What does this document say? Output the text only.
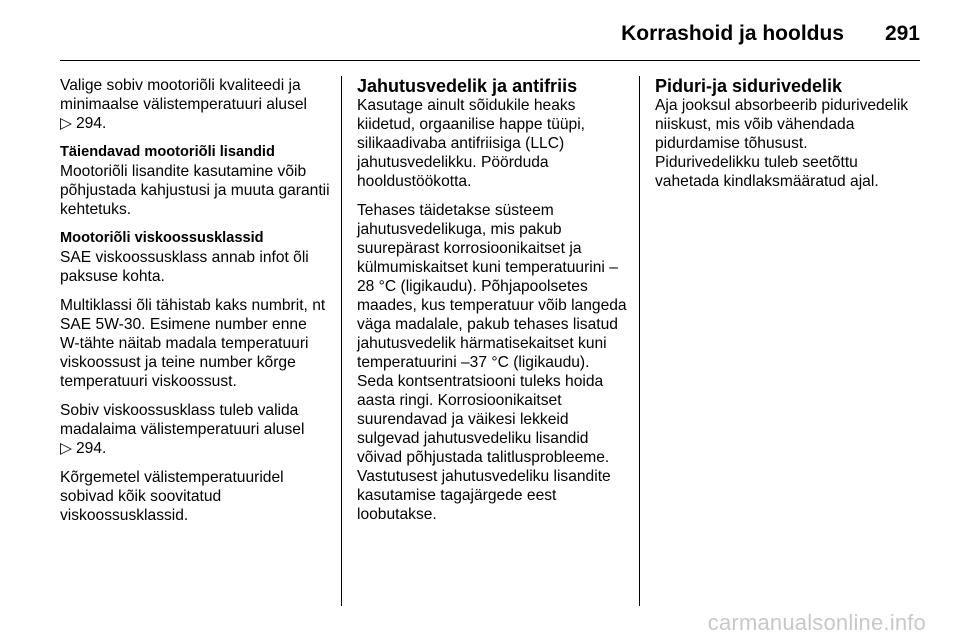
Korrashoid ja hooldus 291

Valige sobiv mootoriõli kvaliteedi ja minimaalse välistemperatuuri alusel
▷ 294.

Täiendavad mootoriõli lisandid

Mootoriõli lisandite kasutamine võib põhjustada kahjustusi ja muuta garantii kehtetuks.

Mootoriõli viskoossusklassid

SAE viskoossusklass annab infot õli paksuse kohta.

Multiklassi õli tähistab kaks numbrit, nt SAE 5W-30. Esimene number enne W-tähte näitab madala temperatuuri viskoossust ja teine number kõrge temperatuuri viskoossust.

Sobiv viskoossusklass tuleb valida madalaima välistemperatuuri alusel
▷ 294.

Kõrgemetel välistemperatuuridel sobivad kõik soovitatud viskoossusklassid.

Jahutusvedelik ja antifriis

Kasutage ainult sõidukile heaks kiidetud, orgaanilise happe tüüpi, silikaadivaba antifriisiga (LLC) jahutusvedelikku. Pöörduda hooldustöökotta.

Tehases täidetakse süsteem jahutusvedelikuga, mis pakub suurepärast korrosioonikaitset ja külmumiskaitset kuni temperatuurini –28 °C (ligikaudu). Põhjapoolsetes maades, kus temperatuur võib langeda väga madalale, pakub tehases lisatud jahutusvedelik härmatisekaitset kuni temperatuurini –37 °C (ligikaudu). Seda kontsentratsiooni tuleks hoida aasta ringi. Korrosioonikaitset suurendavad ja väikesi lekkeid sulgevad jahutusvedeliku lisandid võivad põhjustada talitlusprobleeme. Vastutusest jahutusvedeliku lisandite kasutamise tagajärgede eest loobutakse.

Piduri-ja sidurivedelik

Aja jooksul absorbeerib pidurivedelik niiskust, mis võib vähendada pidurdamise tõhusust.

Pidurivedelikku tuleb seetõttu vahetada kindlaksmääratud ajal.

carmanualsonline.info
